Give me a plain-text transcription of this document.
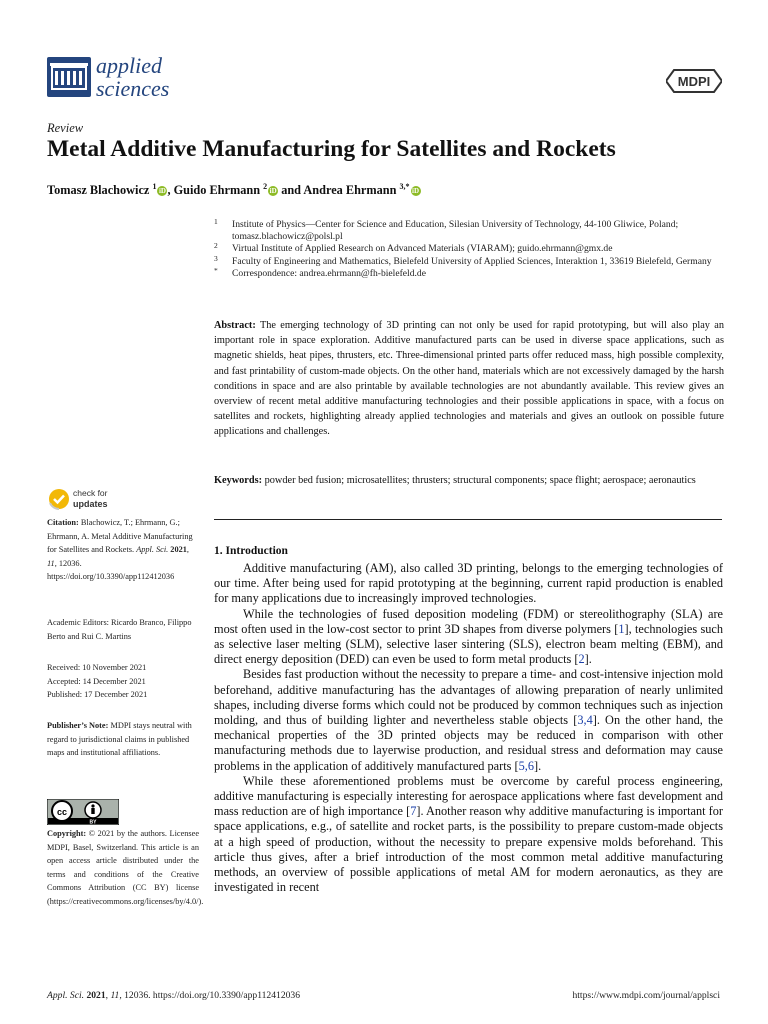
applied
sciences	MDPI
Review
Metal Additive Manufacturing for Satellites and Rockets
Tomasz Blachowicz $^1$iD , Guido Ehrmann $^2$iD and Andrea Ehrmann $^{3,*}$iD
1 Institute of Physics—Center for Science and Education, Silesian University of Technology, 44-100 Gliwice, Poland; tomasz.blachowicz@polsl.pl
2 Virtual Institute of Applied Research on Advanced Materials (VIARAM); guido.ehrmann@gmx.de
3 Faculty of Engineering and Mathematics, Bielefeld University of Applied Sciences, Interaktion 1, 33619 Bielefeld, Germany
* Correspondence: andrea.ehrmann@fh-bielefeld.de
Abstract: The emerging technology of 3D printing can not only be used for rapid prototyping, but will also play an important role in space exploration. Additive manufactured parts can be used in diverse space applications, such as magnetic shields, heat pipes, thrusters, etc. Three-dimensional printed parts offer reduced mass, high possible complexity, and fast printability of custom-made objects. On the other hand, materials which are not excessively damaged by the harsh conditions in space and are also printable by available technologies are not abundantly available. This review gives an overview of recent metal additive manufacturing technologies and their possible applications in space, with a focus on satellites and rockets, highlighting already applied technologies and materials and gives an outlook on possible future applications and challenges.
Keywords: powder bed fusion; microsatellites; thrusters; structural components; space flight; aerospace; aeronautics
1. Introduction

Additive manufacturing (AM), also called 3D printing, belongs to the emerging technologies of our time. After being used for rapid prototyping at the beginning, current rapid production is enabled for many applications due to increasingly improved technologies.

While the technologies of fused deposition modeling (FDM) or stereolithography (SLA) are most often used in the low-cost sector to print 3D shapes from diverse polymers [1], technologies such as selective laser melting (SLM), selective laser sintering (SLS), electron beam melting (EBM), and direct energy deposition (DED) can even be used to form metal products [2].

Besides fast production without the necessity to prepare a time- and cost-intensive injection mold beforehand, additive manufacturing has the advantages of allowing preparation of nearly unlimited shapes, including diverse forms which could not be produced by common techniques such as injection molding, and thus of building lighter and nevertheless stable objects [3,4]. On the other hand, the mechanical properties of the 3D printed objects may be reduced in comparison with other manufacturing methods due to layerwise production, and residual stress and deformation may cause problems in the application of additively manufactured parts [5,6].

While these aforementioned problems must be overcome by careful process engineering, additive manufacturing is especially interesting for aerospace applications where fast development and mass reduction are of high importance [7]. Another reason why additive manufacturing is important for space applications, e.g., of satellite and rocket parts, is the possibility to prepare custom-made objects at a high speed of production, without the necessity to prepare expensive molds beforehand. This article thus gives, after a brief introduction of the most common metal additive manufacturing methods, an overview of possible applications of metal AM for modern aeronautics, as they are investigated in recent

check for
updates
Citation: Blachowicz, T.; Ehrmann, G.; Ehrmann, A. Metal Additive Manufacturing for Satellites and Rockets. Appl. Sci. 2021, 11, 12036. https://doi.org/10.3390/app112412036
Academic Editors: Ricardo Branco, Filippo Berto and Rui C. Martins
Received: 10 November 2021
Accepted: 14 December 2021
Published: 17 December 2021
Publisher’s Note: MDPI stays neutral with regard to jurisdictional claims in published maps and institutional affiliations.
cc
BY
Copyright: © 2021 by the authors. Licensee MDPI, Basel, Switzerland. This article is an open access article distributed under the terms and conditions of the Creative Commons Attribution (CC BY) license (https://creativecommons.org/licenses/by/4.0/).
Appl. Sci. 2021, 11, 12036. https://doi.org/10.3390/app112412036	https://www.mdpi.com/journal/applsci
